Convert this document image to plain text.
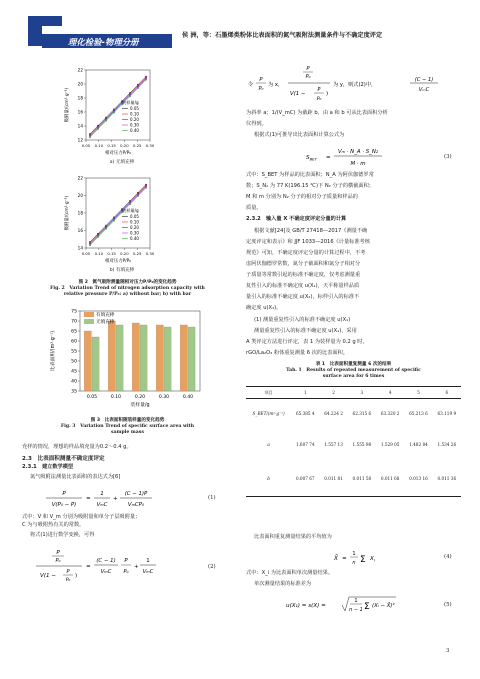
理化检验-物理分册
侯 洲，等：石墨烯类粉体比表面积的氮气吸附法测量条件与不确定度评定
22
20
18
16
14
12
0.05 0.10 0.15 0.20 0.25 0.30
相对压力P/P₀
吸附量/(cm³·g⁻¹)	装样量/g
0.05
0.10
0.20
0.30
0.40
a) 无填充棒
22
20
18
16
14
0.05 0.10 0.15 0.20 0.25 0.30
相对压力P/P₀
吸附量/(cm³·g⁻¹)	装样量/g
0.05
0.10
0.20
0.30
0.40
b) 有填充棒
图 2　氮气吸附测量随相对压力P/P₀的变化趋势
Fig. 2　Variation Trend of nitrogen adsorption capacity with
relative pressure P/P₀: a) without bar; b) with bar
75
70
65
60
55
50
45
40
35
0.05	0.10	0.20	0.30	0.40
装样量/g
比表面积/(m²·g⁻¹)
有填充棒
无填充棒
图 3　比表面积随装样量的变化趋势
Fig. 3　Variation Trend of specific surface area with
sample mass
充样的情况，理想的样品填充量为0.2～0.4 g。
2.3　比表面积测量不确定度评定
2.3.1　建立数学模型
氮气吸附法测量比表面积的表达式为[6]
P
V(P₀ − P)
=
1
VₘC
+
(C − 1)P
VₘCP₀
(1)
式中：V 和 V_m 分别为吸附量和单分子层吸附量；
C 为与吸附热有关的常数。
将式(1)进行数学变换，可得
P
P₀
V(1 −
P
P₀
)
=
(C − 1)
VₘC
P
P₀
+
1
VₘC
(2)
令
P
P₀
为 x，
P
P₀
V(1 −
P
P₀
)
为 y，则式(2)中，
(C − 1)
VₘC
为斜率 a；1/(V_mC) 为截距 b，由 a 和 b 可从比表面积分析
仪得到。
根据式(1)可推导出比表面积计算公式为
$S_{BET}$ =
Vₘ · N_A · S_N₂
M · m
(3)
式中：S_BET 为样品的比表面积；N_A 为阿伏伽德罗常
数；S_N₂ 为 77 K(196.15 ℃)下 N₂ 分子的横截面积；
M 和 m 分别为 N₂ 分子的相对分子质量和样品的
质量。
2.3.2　输入量 X 不确定度评定分量的计算
根据文献[24]及 GB/T 27418—2017《测量不确
定度评定和表示》和 JJF 1033—2016《计量标准考核
规范》可知，不确定度评定分量的计算过程中，不考
虑阿伏伽德罗常数，氮分子截面积和氮分子相对分
子质量等常数引起的标准不确定度，仅考虑测量重
复性引入的标准不确定度 u(X₁)，天平称量样品质
量引入的标准不确定度 u(X₂)，标样引入的标准不
确定度 u(X₃)。
(1) 测量重复性引入的标准不确定度 u(X₁)
测量重复性引入的标准不确定度 u(X₁)，采用
A 类评定方法进行评定，表 1 为装样量为 0.2 g 时，
rGO/La₂O₃ 粉体重复测量 6 次的比表面积。
表 1　比表面积重复测量 6 次的结果
Tab. 1　Results of repeated measurement of specific
surface area for 6 times
项目	1	2	3	4	5	6
S_BET/(m²·g⁻¹)	65.385 4	64.224 2	62.315 6	63.320 2	65.213 6	63.119 9
a	1.607 74	1.557 13	1.555 98	1.529 05	1.482 84	1.534 26
b	0.007 67	0.011 81	0.011 58	0.011 68	0.013 16	0.011 36
比表面积重复测量结果的平均值为
X̄ =
1
n Σ $X_i$	(4)
式中：X_i 为比表面积单次测量结果。
单次测量结果的标准差为
u(X₁) = s(X) =
1
n − 1 Σ (Xᵢ − X̄)²	(5)
3
